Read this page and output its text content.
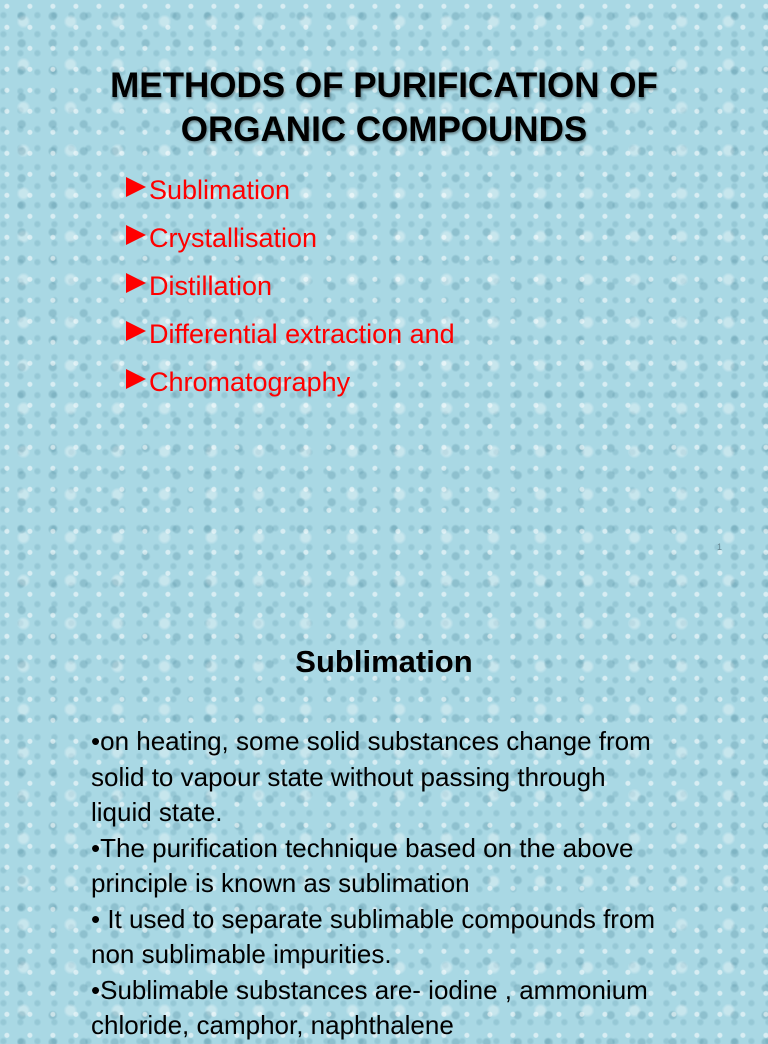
METHODS OF PURIFICATION OF
ORGANIC COMPOUNDS
Sublimation
Crystallisation
Distillation
Differential extraction and
Chromatography
1
Sublimation

•on heating, some solid substances change from

solid to vapour state without passing through

liquid state.

•The purification technique based on the above

principle is known as sublimation

• It used to separate sublimable compounds from

non sublimable impurities.

•Sublimable substances are- iodine , ammonium

chloride, camphor, naphthalene
